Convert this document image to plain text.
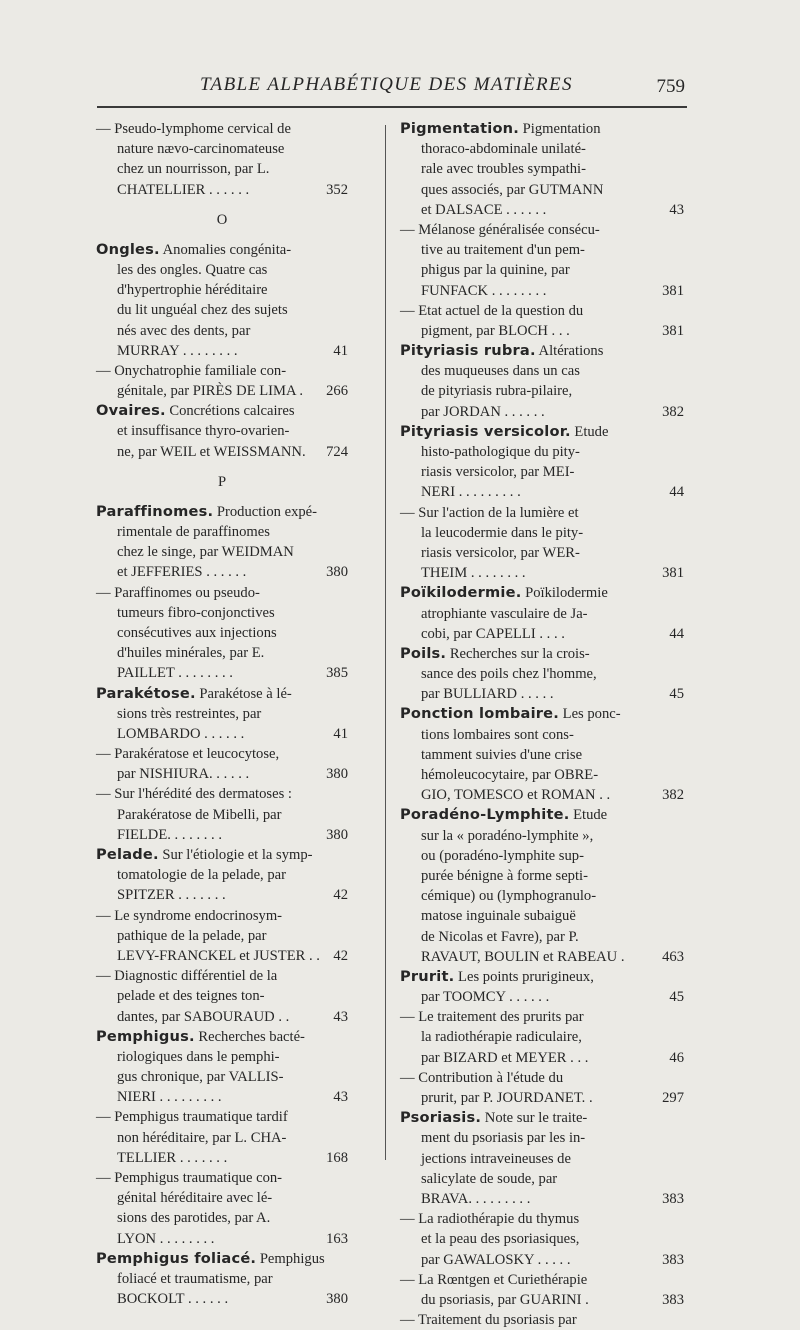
TABLE ALPHABÉTIQUE DES MATIÈRES	759
— Pseudo-lymphome cervical de
nature nævo-carcinomateuse
chez un nourrisson, par L.
CHATELLIER . . . . . .	352
O
Ongles. Anomalies congénita-
les des ongles. Quatre cas
d'hypertrophie héréditaire
du lit unguéal chez des sujets
nés avec des dents, par
MURRAY . . . . . . . .	41
— Onychatrophie familiale con-
génitale, par PIRÈS DE LIMA . 266
Ovaires. Concrétions calcaires
et insuffisance thyro-ovarien-
ne, par WEIL et WEISSMANN. 724
P
Paraffinomes. Production expé-
rimentale de paraffinomes
chez le singe, par WEIDMAN
et JEFFERIES . . . . . .	380
— Paraffinomes ou pseudo-
tumeurs fibro-conjonctives
consécutives aux injections
d'huiles minérales, par E.
PAILLET . . . . . . . .	385
Parakétose. Parakétose à lé-
sions très restreintes, par
LOMBARDO . . . . . .	41
— Parakératose et leucocytose,
par NISHIURA. . . . . .	380
— Sur l'hérédité des dermatoses :
Parakératose de Mibelli, par
FIELDE. . . . . . . .	380
Pelade. Sur l'étiologie et la symp-
tomatologie de la pelade, par
SPITZER . . . . . . .	42
— Le syndrome endocrinosym-
pathique de la pelade, par
LEVY-FRANCKEL et JUSTER . . 42
— Diagnostic différentiel de la
pelade et des teignes ton-
dantes, par SABOURAUD . .	43
Pemphigus. Recherches bacté-
riologiques dans le pemphi-
gus chronique, par VALLIS-
NIERI . . . . . . . . .	43
— Pemphigus traumatique tardif
non héréditaire, par L. CHA-
TELLIER . . . . . . .	168
— Pemphigus traumatique con-
génital héréditaire avec lé-
sions des parotides, par A.
LYON . . . . . . . .	163
Pemphigus foliacé. Pemphigus
foliacé et traumatisme, par
BOCKOLT . . . . . .	380
Pigmentation. Pigmentation
thoraco-abdominale unilaté-
rale avec troubles sympathi-
ques associés, par GUTMANN
et DALSACE . . . . . .	43
— Mélanose généralisée consécu-
tive au traitement d'un pem-
phigus par la quinine, par
FUNFACK . . . . . . . .	381
— Etat actuel de la question du
pigment, par BLOCH . . .	381
Pityriasis rubra. Altérations
des muqueuses dans un cas
de pityriasis rubra-pilaire,
par JORDAN . . . . . .	382
Pityriasis versicolor. Etude
histo-pathologique du pity-
riasis versicolor, par MEI-
NERI . . . . . . . . .	44
— Sur l'action de la lumière et
la leucodermie dans le pity-
riasis versicolor, par WER-
THEIM . . . . . . . .	381
Poïkilodermie. Poïkilodermie
atrophiante vasculaire de Ja-
cobi, par CAPELLI . . . .	44
Poils. Recherches sur la crois-
sance des poils chez l'homme,
par BULLIARD . . . . .	45
Ponction lombaire. Les ponc-
tions lombaires sont cons-
tamment suivies d'une crise
hémoleucocytaire, par OBRE-
GIO, TOMESCO et ROMAN . .	382
Poradéno-Lymphite. Etude
sur la « poradéno-lymphite »,
ou (poradéno-lymphite sup-
purée bénigne à forme septi-
cémique) ou (lymphogranulo-
matose inguinale subaiguë
de Nicolas et Favre), par P.
RAVAUT, BOULIN et RABEAU .	463
Prurit. Les points prurigineux,
par TOOMCY . . . . . .	45
— Le traitement des prurits par
la radiothérapie radiculaire,
par BIZARD et MEYER . . .	46
— Contribution à l'étude du
prurit, par P. JOURDANET. .	297
Psoriasis. Note sur le traite-
ment du psoriasis par les in-
jections intraveineuses de
salicylate de soude, par
BRAVA. . . . . . . . .	383
— La radiothérapie du thymus
et la peau des psoriasiques,
par GAWALOSKY . . . . .	383
— La Rœntgen et Curiethérapie
du psoriasis, par GUARINI .	383
— Traitement du psoriasis par
